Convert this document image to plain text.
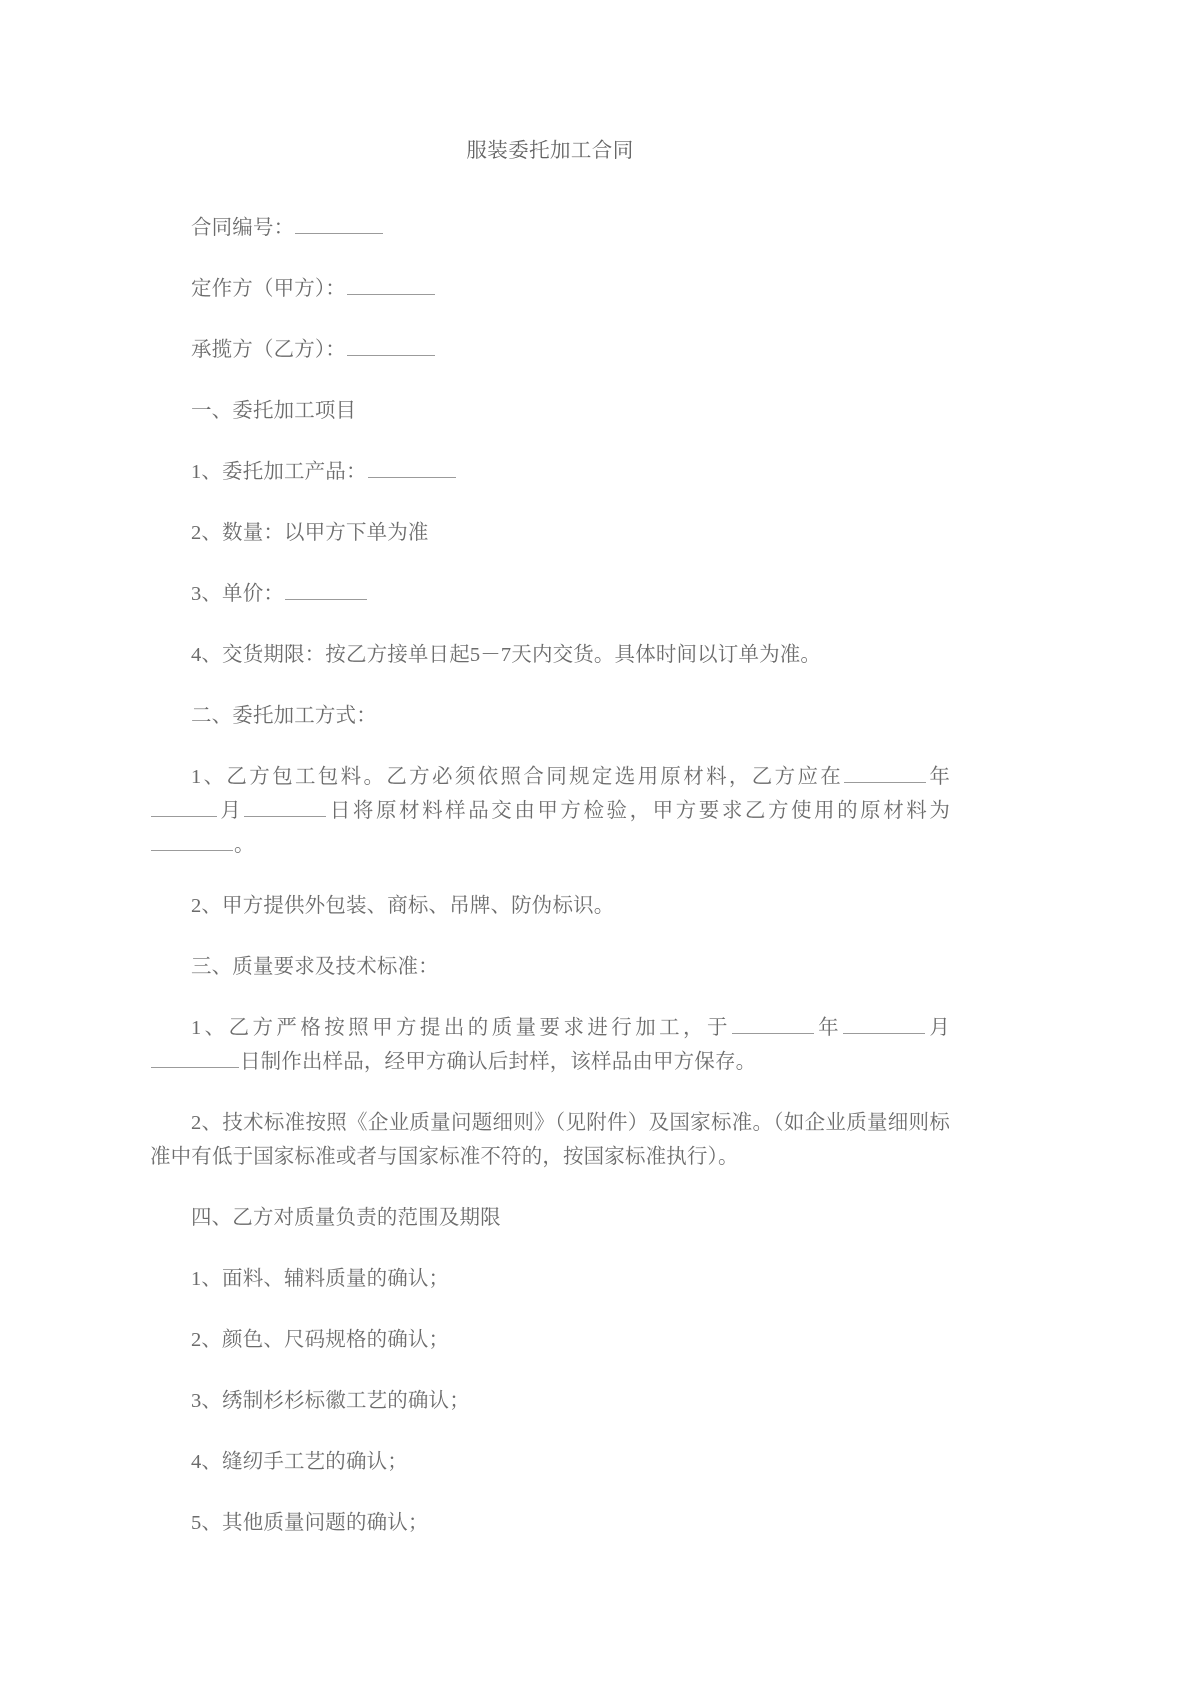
服装委托加工合同

合同编号：

定作方（甲方）：

承揽方（乙方）：

一、委托加工项目

1、委托加工产品：

2、数量：以甲方下单为准

3、单价：

4、交货期限：按乙方接单日起5－7天内交货。具体时间以订单为准。

二、委托加工方式：

1、乙方包工包料。乙方必须依照合同规定选用原材料，乙方应在	年月	日将原材料样品交由甲方检验，甲方要求乙方使用的原材料为。

2、甲方提供外包装、商标、吊牌、防伪标识。

三、质量要求及技术标准：

1、乙方严格按照甲方提出的质量要求进行加工，于	年	月日制作出样品，经甲方确认后封样，该样品由甲方保存。

2、技术标准按照《企业质量问题细则》（见附件）及国家标准。（如企业质量细则标准中有低于国家标准或者与国家标准不符的，按国家标准执行）。

四、乙方对质量负责的范围及期限

1、面料、辅料质量的确认；

2、颜色、尺码规格的确认；

3、绣制杉杉标徽工艺的确认；

4、缝纫手工艺的确认；

5、其他质量问题的确认；
